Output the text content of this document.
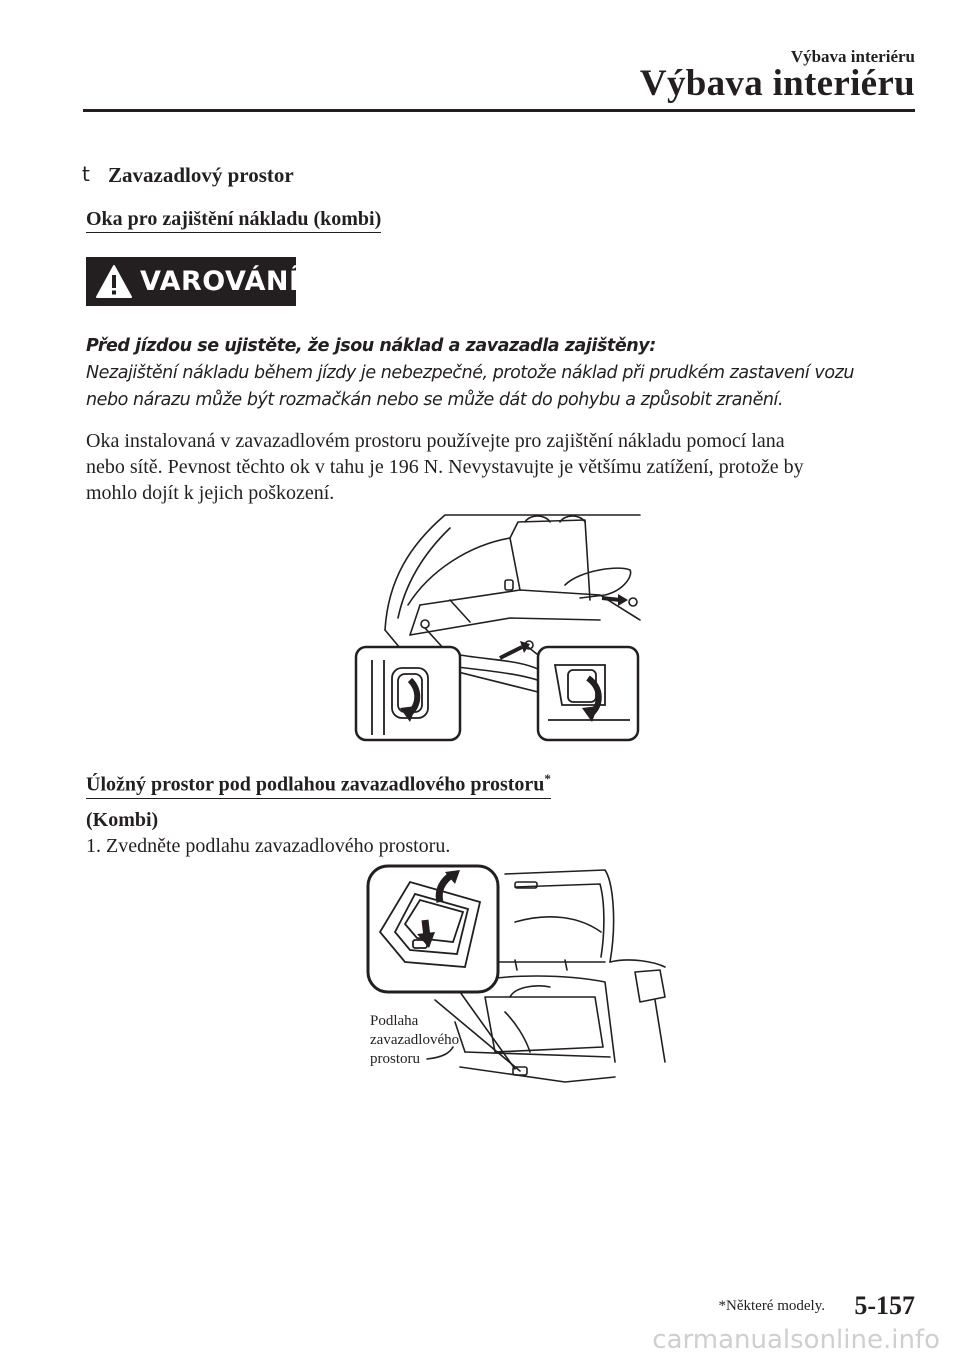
Výbava interiéru
Výbava interiéru
t Zavazadlový prostor
Oka pro zajištění nákladu (kombi)
VAROVÁNÍ
Před jízdou se ujistěte, že jsou náklad a zavazadla zajištěny:
Nezajištění nákladu během jízdy je nebezpečné, protože náklad při prudkém zastavení vozu
nebo nárazu může být rozmačkán nebo se může dát do pohybu a způsobit zranění.
Oka instalovaná v zavazadlovém prostoru používejte pro zajištění nákladu pomocí lana
nebo sítě. Pevnost těchto ok v tahu je 196 N. Nevystavujte je většímu zatížení, protože by
mohlo dojít k jejich poškození.
Úložný prostor pod podlahou zavazadlového prostoru*
(Kombi)
1. Zvedněte podlahu zavazadlového prostoru.
Podlaha
zavazadlového
prostoru
*Některé modely. 5-157
carmanualsonline.info
